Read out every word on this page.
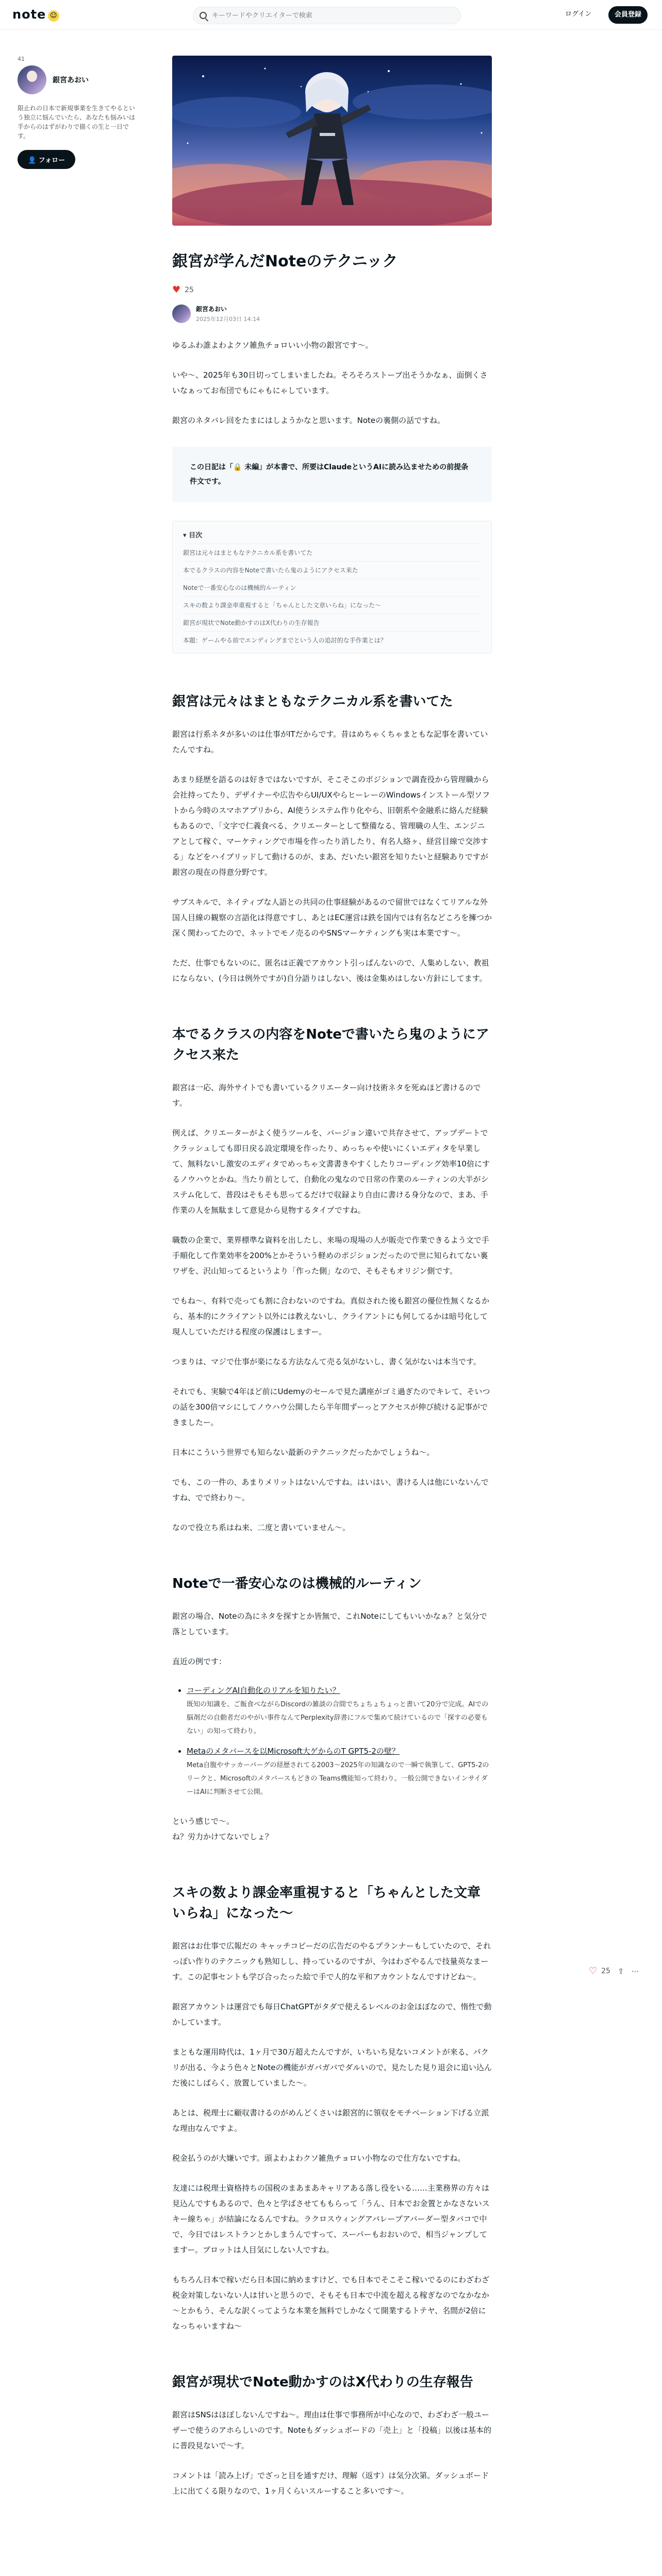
note ☺
キーワードやクリエイターで検索	ログイン	会員登録
41
銀宮あおい
限止れの日本で新規事業を生きてやるという独立に悩んでいたら、あなたも悩みいは手からのはずがわりで描くの生と一日です。
👤 フォロー
銀宮が学んだNoteのテクニック
♥ 25
銀宮あおい
2025年12月03日 14:14

ゆるふわ誰よわよクソ雑魚チョロいい小物の銀宮です～。

いや～、2025年も30日切ってしまいましたね。そろそろストーブ出そうかなぁ、面倒くさいなぁってお布団でもにゃもにゃしています。

銀宮のネタバレ回をたまにはしようかなと思います。Noteの裏側の話ですね。

この日記は「🔒 未編」が本書で、所要はClaudeというAIに読み込ませための前提条件文です。

▾ 目次
銀宮は元々はまともなテクニカル系を書いてた
本でるクラスの内容をNoteで書いたら鬼のようにアクセス来た
Noteで一番安心なのは機械的ルーティン
スキの数より課金率重視すると「ちゃんとした文章いらね」になった～
銀宮が現状でNote動かすのはX代わりの生存報告
本題：ゲームやる前でエンディングまでという人の追討的な手作業とは？
銀宮は元々はまともなテクニカル系を書いてた

銀宮は行系ネタが多いのは仕事がITだからです。昔はめちゃくちゃまともな記事を書いていたんですね。

あまり経歴を語るのは好きではないですが、そこそこのポジションで調査役から管理職から会社持ってたり、デザイナーや広告やらUI/UXやらヒーレーのWindowsインストール型ソフトから今時のスマホアプリから、AI使うシステム作り化やら、旧朝系や金融系に絡んだ経験もあるので、「文字で仁義食べる、クリエーターとして整備なる、管理職の人生、エンジニアとして稼ぐ、マーケティングで市場を作ったり消したり、有名人絡ヶ、経営目線で交渉する」などをハイブリッドして動けるのが、まあ、だいたい銀宮を知りたいと経験ありですが銀宮の現在の得意分野です。

サブスキルで、ネイティブな人語との共同の仕事経験があるので留世ではなくてリアルな外国人目線の観察の言語化は得意ですし、あとはEC運営は鉄を国内では有名などころを擁つか深く関わってたので、ネットでモノ売るのやSNSマーケティングも実は本業です～。

ただ、仕事でもないのに、匿名は正義でアカウント引っぱんないので、人集めしない、教祖にならない、(今日は例外ですが)自分語りはしない、後は金集めはしない方針にしてます。

本でるクラスの内容をNoteで書いたら鬼のようにアクセス来た

銀宮は一応、海外サイトでも書いているクリエーター向け技術ネタを死ぬほど書けるのです。

例えば、クリエーターがよく使うツールを、バージョン違いで共存させて、アップデートでクラッシュしても即日戻る設定環境を作ったり、めっちゃや使いにくいエディタを早業して、無料ないし激安のエディタでめっちゃ文書書きやすくしたりコーディング効率10倍にするノウハウとかね。当たり前として、自動化の鬼なので日常の作業のルーティンの大半がシステム化して、普段はそもそも思ってるだけで収録より自由に書ける身分なので、まあ、手作業の人を無駄まして意見から見物するタイプですね。

職数の企業で、業界標準な資料を出したし、来場の現場の人が販売で作業できるよう文で手手順化して作業効率を200%とかそういう軽めのポジションだったので世に知られてない裏ワザを、沢山知ってるというより「作った側」なので、そもそもオリジン側です。

でもね～、有料で売っても割に合わないのですね。真似された後も銀宮の優位性無くなるから、基本的にクライアント以外には教えないし、クライアントにも何してるかは暗号化して現人していただける程度の保護はしますー。

つまりは、マジで仕事が楽になる方法なんて売る気がないし、書く気がないは本当です。

それでも、実験で4年ほど前にUdemyのセールで見た講座がゴミ過ぎたのでキレて、そいつの話を300倍マシにしてノウハウ公開したら半年間ずーっとアクセスが伸び続ける記事ができましたー。

日本にこういう世界でも知らない最新のテクニックだったかでしょうね〜。

でも、この一件の、あまりメリットはないんですね。はいはい、書ける人は他にいないんですね、でで終わり～。

なので役立ち系はね来、二度と書いていません～。

Noteで一番安心なのは機械的ルーティン

銀宮の場合、Noteの為にネタを探すとか皆無で、これNoteにしてもいいかなぁ？と気分で落としています。

直近の例です：

• コーディングAI自動化のリアルを知りたい？
既知の知識を、ご飯食べながらDiscordの雑談の合間でちょちょちょっと書いて20分で完成。AIでの脳剤だの自動者だのやがい事件なんてPerplexity辞書にフルで集めて続けているので「探すの必要もない」の知って終わり。
• Metaのメタバースを以Microsoft大ゲからのT GPT5-2の壁？
Meta自腹やサッカーバーグの経歴されてる2003〜2025年の知識なので一瞬で執筆して、GPT5-2のリークと、Microsoftのメタバースもどきの Teams機能知って終わり。一般公開できないインサイダーはAIに判断させて公開。

という感じで～。
ね？労力かけてないでしょ？

スキの数より課金率重視すると「ちゃんとした文章いらね」になった～

銀宮はお仕事で広報だの キャッチコピーだの広告だのやるプランナーもしていたので、それっぽい作りのテクニックも熟知しし、持っているのですが、今はわざやるんで技量英なまーす。この記事セントも学び合ったった絵で手で人的な平和アカウントなんですけどね～。

銀宮アカウントは運営でも毎日ChatGPTがタダで使えるレベルのお金ほぼなので、惰性で動かしています。

まともな運用時代は、1ヶ月で30万超えたんですが、いちいち見ないコメントが来る、パクリが出る、今よう色々とNoteの機能がガバガバでダルいので、見たした見り退会に追い込んだ後にしばらく、放置していました～。

あとは、税理士に顧収書けるのがめんどくさいは銀宮的に領収をモチベーション下げる立派な理由なんですよ。

税金払うのが大嫌いです。頭よわよわクソ雑魚チョロい小物なので仕方ないですね。

友達には税理士資格持ちの国税のまあまあキャリアある落し役をいる……主業務界の方々は見込んですもあるので、色々と学ばさせてももらって「うん、日本でお金置とかなさないスキー線ちゃ」が結論になるんですね。ラクロスウィングアバレープアバーダー型タバコで中で、今日ではレストランとかしまうんですって、スーパーもおおいので、相当ジャンプしてますー。ブロットは人目気にしない人ですね。

もちろん日本で稼いだら日本国に納めますけど、でも日本でそこそこ稼いでるのにわざわざ税金対策しないない人は甘いと思うので、そもそも日本で中流を超える稼ぎなのでなかなか～とかもう、そんな訳くってような本業を無料でしかなくて開業するトテヤ、名間が2倍になっちゃいますね～

銀宮が現状でNote動かすのはX代わりの生存報告

銀宮はSNSはほぼしないんですね～。理由は仕事で事務所が中心なので、わざわざ一般ユーザーで使うのアホらしいのです。Noteもダッシュボードの「売上」と「投稿」以後は基本的に普段見ないで～す。

コメントは「読み上げ」でざっと目を通すだけ、理解（返す）は気分次第。ダッシュボード上に出てくる限りなので、1ヶ月くらいスルーすること多いです～。

♡ 25 ⇪ ⋯
